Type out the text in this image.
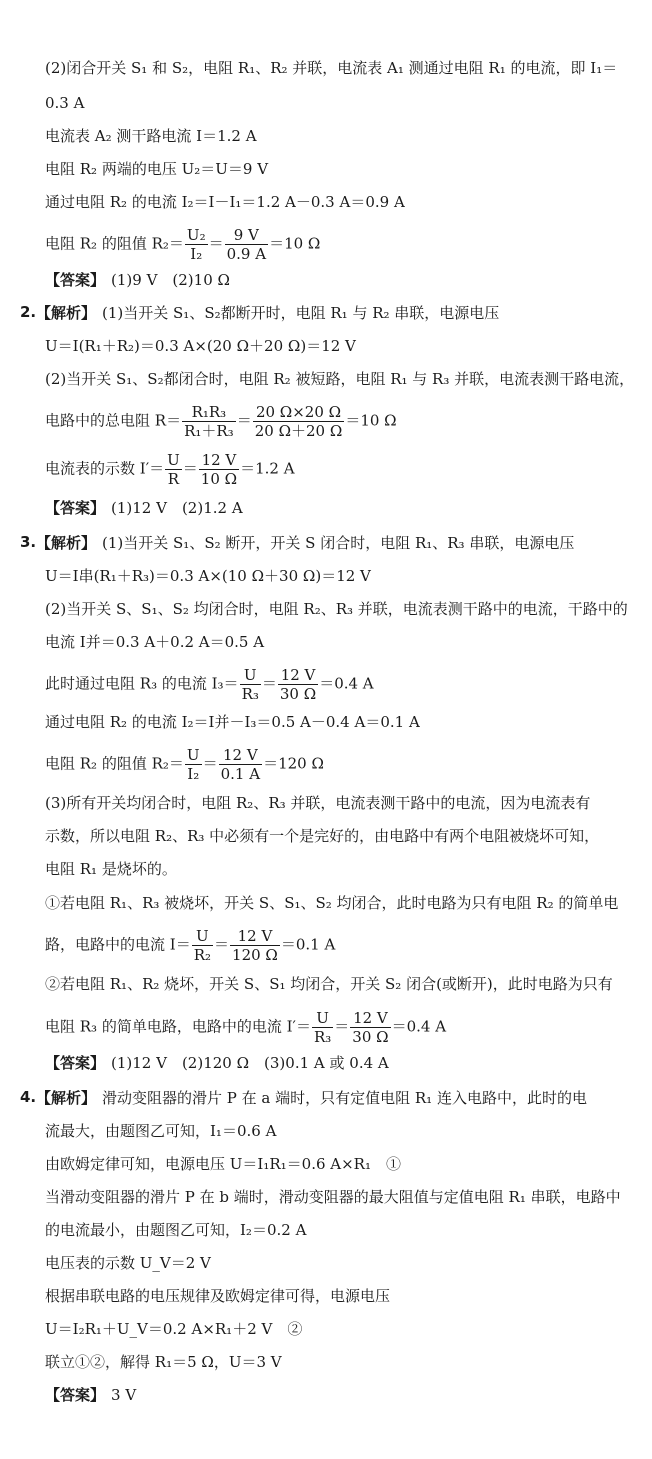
(2)闭合开关 S₁ 和 S₂，电阻 R₁、R₂ 并联，电流表 A₁ 测通过电阻 R₁ 的电流，即 I₁＝
0.3 A
电流表 A₂ 测干路电流 I＝1.2 A
电阻 R₂ 两端的电压 U₂＝U＝9 V
通过电阻 R₂ 的电流 I₂＝I－I₁＝1.2 A－0.3 A＝0.9 A
电阻 R₂ 的阻值 $R_2= \frac{\text{U₂}}{\text{I₂}} = \frac{9 V}{0.9 A} =10$ Ω
【答案】 (1)9 V　(2)10 Ω
2. 【解析】 (1)当开关 S₁、S₂都断开时，电阻 R₁ 与 R₂ 串联，电源电压
U＝I(R₁＋R₂)＝0.3 A×(20 Ω＋20 Ω)＝12 V
(2)当开关 S₁、S₂都闭合时，电阻 R₂ 被短路，电阻 R₁ 与 R₃ 并联，电流表测干路电流，
电路中的总电阻 $R= \frac{\text{R₁R₃}}{\text{R₁＋R₃}} = \frac{20 \Omega\times 20 \Omega}{20 \Omega+20 \Omega} =10$ Ω
电流表的示数 $I'= \frac{U}{R} = \frac{12 V}{10 \Omega} =1.2$ A
【答案】 (1)12 V　(2)1.2 A
3. 【解析】 (1)当开关 S₁、S₂ 断开，开关 S 闭合时，电阻 R₁、R₃ 串联，电源电压
U＝I串(R₁＋R₃)＝0.3 A×(10 Ω＋30 Ω)＝12 V
(2)当开关 S、S₁、S₂ 均闭合时，电阻 R₂、R₃ 并联，电流表测干路中的电流，干路中的
电流 I并＝0.3 A＋0.2 A＝0.5 A
此时通过电阻 R₃ 的电流 $I_3= \frac{U}{\text{R₃}} = \frac{12 V}{30 \Omega} =0.4$ A
通过电阻 R₂ 的电流 I₂＝I并－I₃＝0.5 A－0.4 A＝0.1 A
电阻 R₂ 的阻值 $R_2= \frac{U}{\text{I₂}} = \frac{12 V}{0.1 A} =120$ Ω
(3)所有开关均闭合时，电阻 R₂、R₃ 并联，电流表测干路中的电流，因为电流表有
示数，所以电阻 R₂、R₃ 中必须有一个是完好的，由电路中有两个电阻被烧坏可知，
电阻 R₁ 是烧坏的。
①若电阻 R₁、R₃ 被烧坏，开关 S、S₁、S₂ 均闭合，此时电路为只有电阻 R₂ 的简单电
路，电路中的电流 $I= \frac{U}{\text{R₂}} = \frac{12 V}{120 \Omega} =0.1$ A
②若电阻 R₁、R₂ 烧坏，开关 S、S₁ 均闭合，开关 S₂ 闭合(或断开)，此时电路为只有
电阻 R₃ 的简单电路，电路中的电流 $I'= \frac{U}{\text{R₃}} = \frac{12 V}{30 \Omega} =0.4$ A
【答案】 (1)12 V　(2)120 Ω　(3)0.1 A 或 0.4 A
4. 【解析】 滑动变阻器的滑片 P 在 a 端时，只有定值电阻 R₁ 连入电路中，此时的电
流最大，由题图乙可知，I₁＝0.6 A
由欧姆定律可知，电源电压 U＝I₁R₁＝0.6 A×R₁　①
当滑动变阻器的滑片 P 在 b 端时，滑动变阻器的最大阻值与定值电阻 R₁ 串联，电路中
的电流最小，由题图乙可知，I₂＝0.2 A
电压表的示数 U_V＝2 V
根据串联电路的电压规律及欧姆定律可得，电源电压
U＝I₂R₁＋U_V＝0.2 A×R₁＋2 V　②
联立①②，解得 R₁＝5 Ω，U＝3 V
【答案】 3 V
